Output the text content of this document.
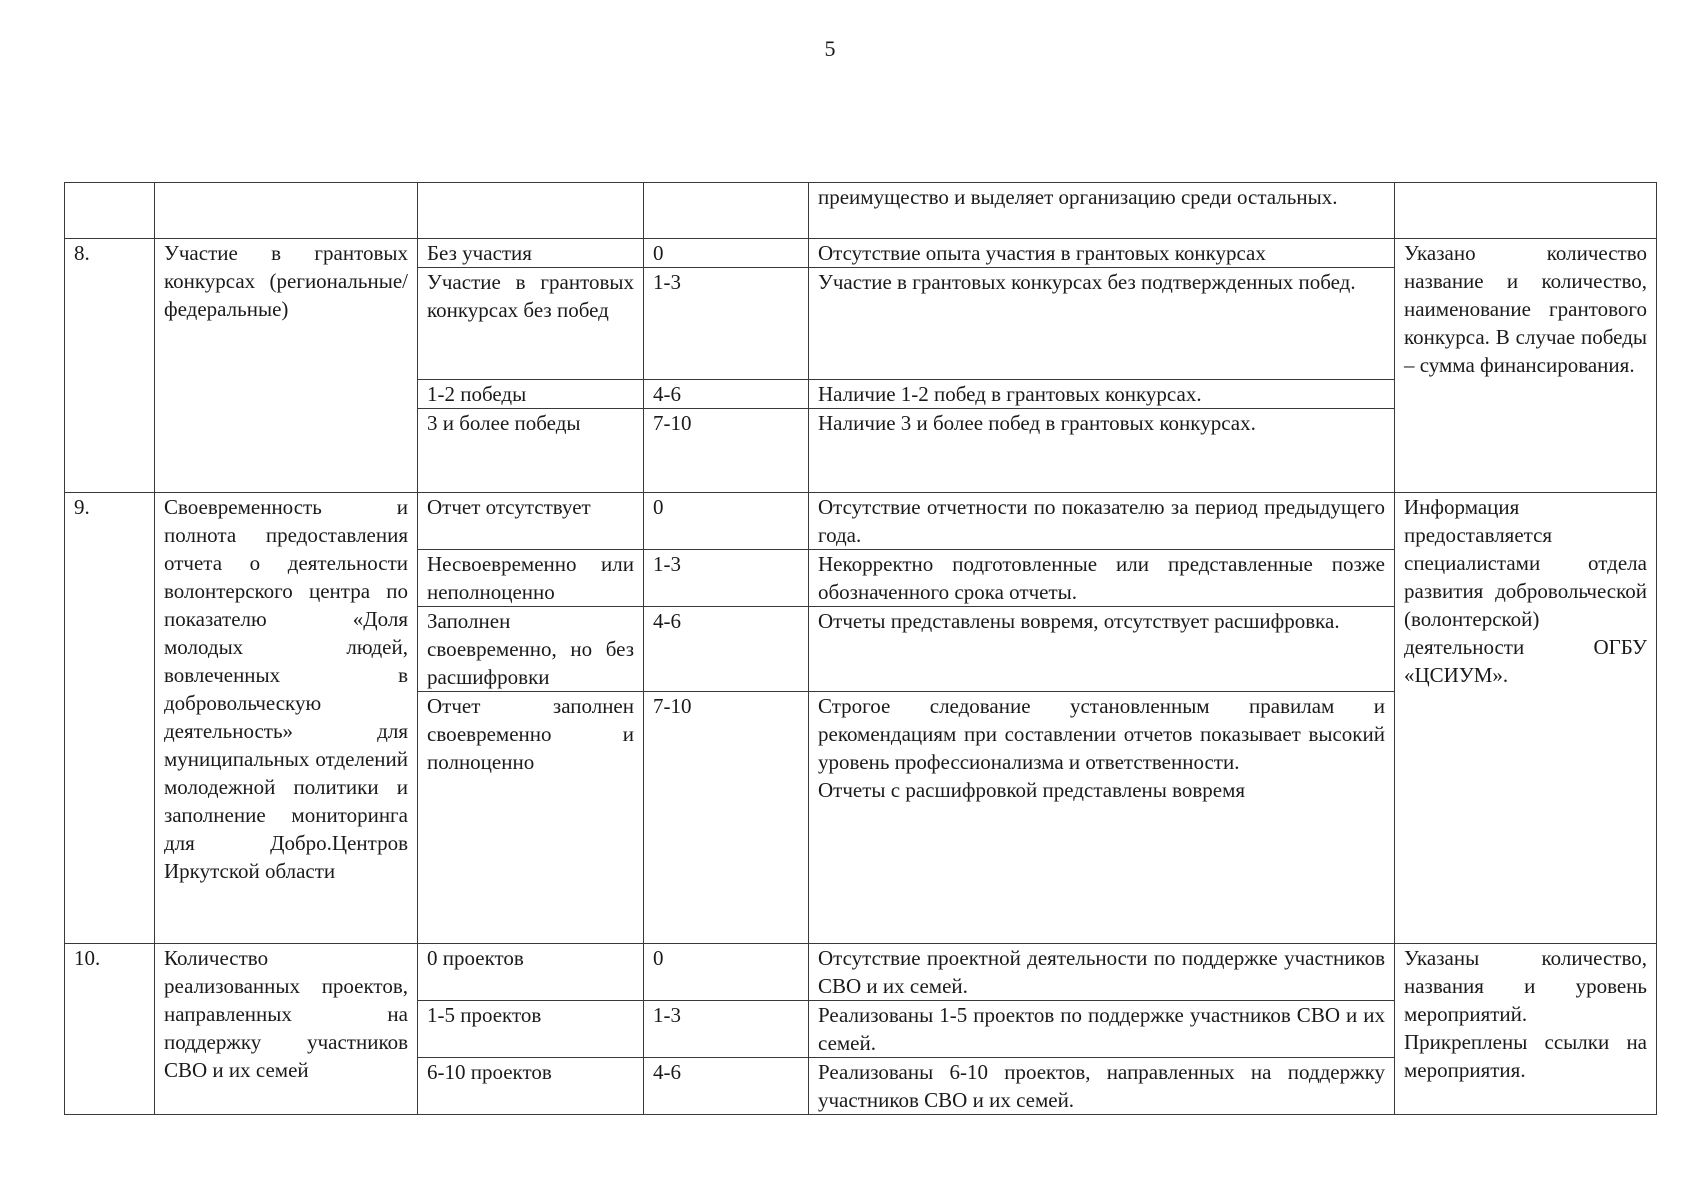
5
				преимущество и выделяет организацию среди остальных.	
8.	Участие в грантовых конкурсах (региональные/федеральные)	Без участия	0	Отсутствие опыта участия в грантовых конкурсах	Указано количество название и количество, наименование грантового конкурса. В случае победы – сумма финансирования.
		Участие в грантовых конкурсах без побед	1-3	Участие в грантовых конкурсах без подтвержденных побед.	
		1-2 победы	4-6	Наличие 1-2 побед в грантовых конкурсах.	
		3 и более победы	7-10	Наличие 3 и более побед в грантовых конкурсах.	
9.	Своевременность и полнота предоставления отчета о деятельности волонтерского центра по показателю «Доля молодых людей, вовлеченных в добровольческую деятельность» для муниципальных отделений молодежной политики и заполнение мониторинга для Добро.Центров Иркутской области	Отчет отсутствует	0	Отсутствие отчетности по показателю за период предыдущего года.	Информация предоставляется специалистами отдела развития добровольческой (волонтерской) деятельности ОГБУ «ЦСИУМ».
		Несвоевременно или неполноценно	1-3	Некорректно подготовленные или представленные позже обозначенного срока отчеты.	
		Заполнен своевременно, но без расшифровки	4-6	Отчеты представлены вовремя, отсутствует расшифровка.	
		Отчет заполнен своевременно и полноценно	7-10	Строгое следование установленным правилам и рекомендациям при составлении отчетов показывает высокий уровень профессионализма и ответственности.
Отчеты с расшифровкой представлены вовремя	

10.	Количество реализованных проектов, направленных на поддержку участников СВО и их семей	0 проектов	0	Отсутствие проектной деятельности по поддержке участников СВО и их семей.	Указаны количество, названия и уровень мероприятий. Прикреплены ссылки на мероприятия.
		1-5 проектов	1-3	Реализованы 1-5 проектов по поддержке участников СВО и их семей.	
		6-10 проектов	4-6	Реализованы 6-10 проектов, направленных на поддержку участников СВО и их семей.	
